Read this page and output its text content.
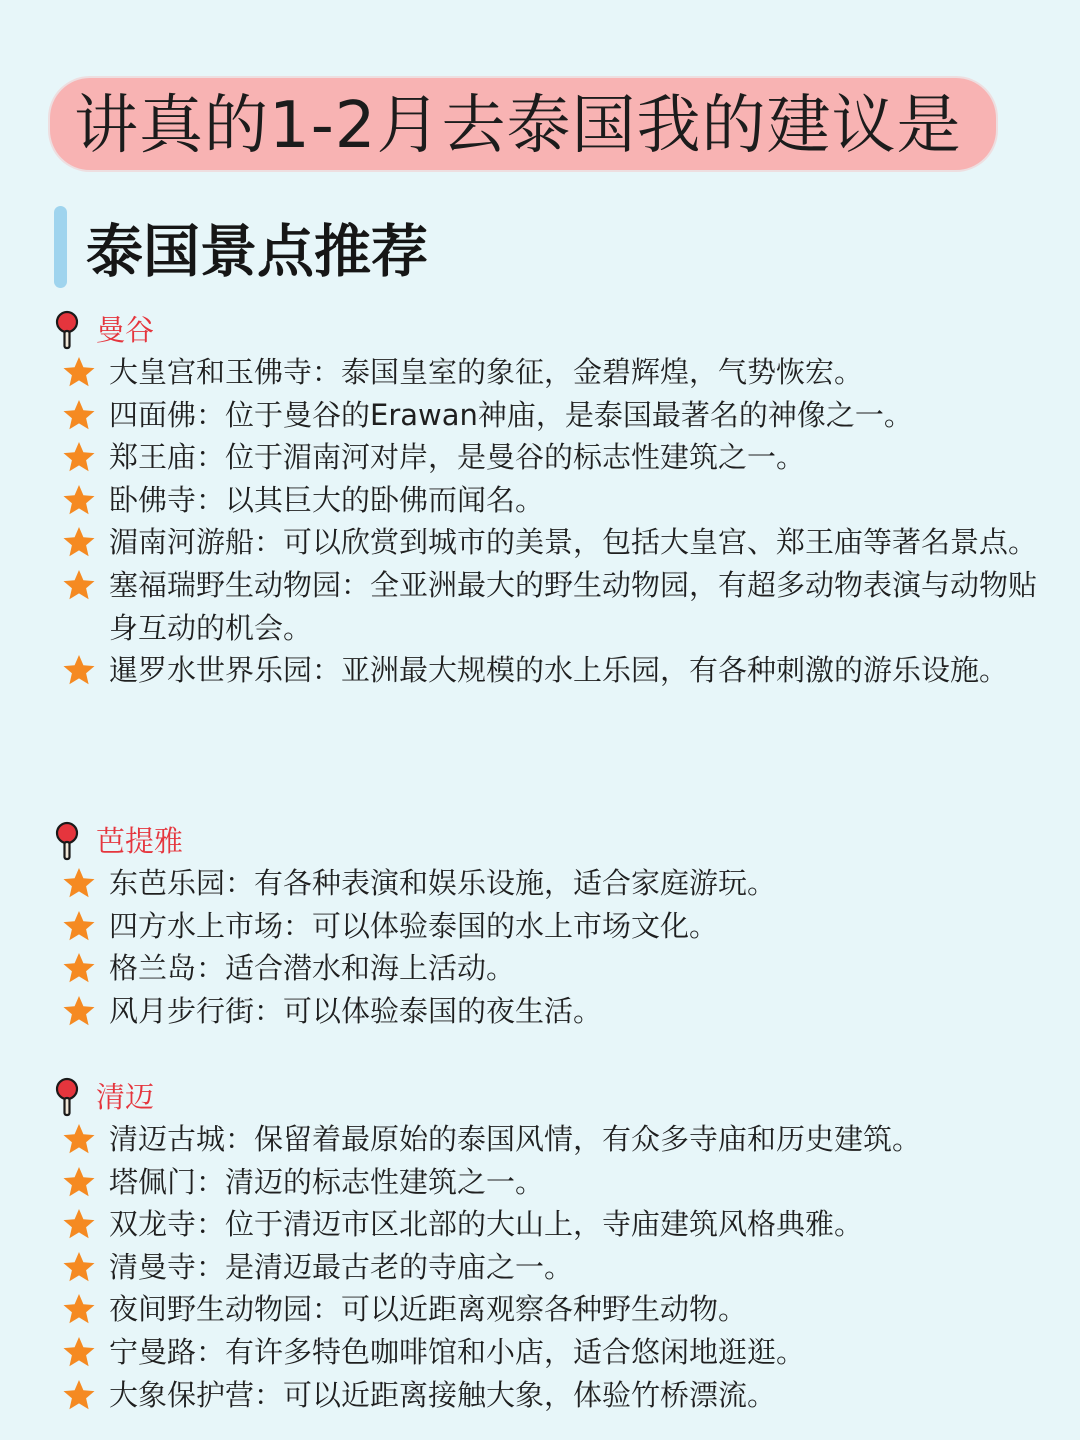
讲真的1-2月去泰国我的建议是
泰国景点推荐
曼谷
大皇宫和玉佛寺：泰国皇室的象征，金碧辉煌，气势恢宏。
四面佛：位于曼谷的Erawan神庙，是泰国最著名的神像之一。
郑王庙：位于湄南河对岸，是曼谷的标志性建筑之一。
卧佛寺：以其巨大的卧佛而闻名。
湄南河游船：可以欣赏到城市的美景，包括大皇宫、郑王庙等著名景点。
塞福瑞野生动物园：全亚洲最大的野生动物园，有超多动物表演与动物贴身互动的机会。
暹罗水世界乐园：亚洲最大规模的水上乐园，有各种刺激的游乐设施。
芭提雅
东芭乐园：有各种表演和娱乐设施，适合家庭游玩。
四方水上市场：可以体验泰国的水上市场文化。
格兰岛：适合潜水和海上活动。
风月步行街：可以体验泰国的夜生活。
清迈
清迈古城：保留着最原始的泰国风情，有众多寺庙和历史建筑。
塔佩门：清迈的标志性建筑之一。
双龙寺：位于清迈市区北部的大山上，寺庙建筑风格典雅。
清曼寺：是清迈最古老的寺庙之一。
夜间野生动物园：可以近距离观察各种野生动物。
宁曼路：有许多特色咖啡馆和小店，适合悠闲地逛逛。
大象保护营：可以近距离接触大象，体验竹桥漂流。
